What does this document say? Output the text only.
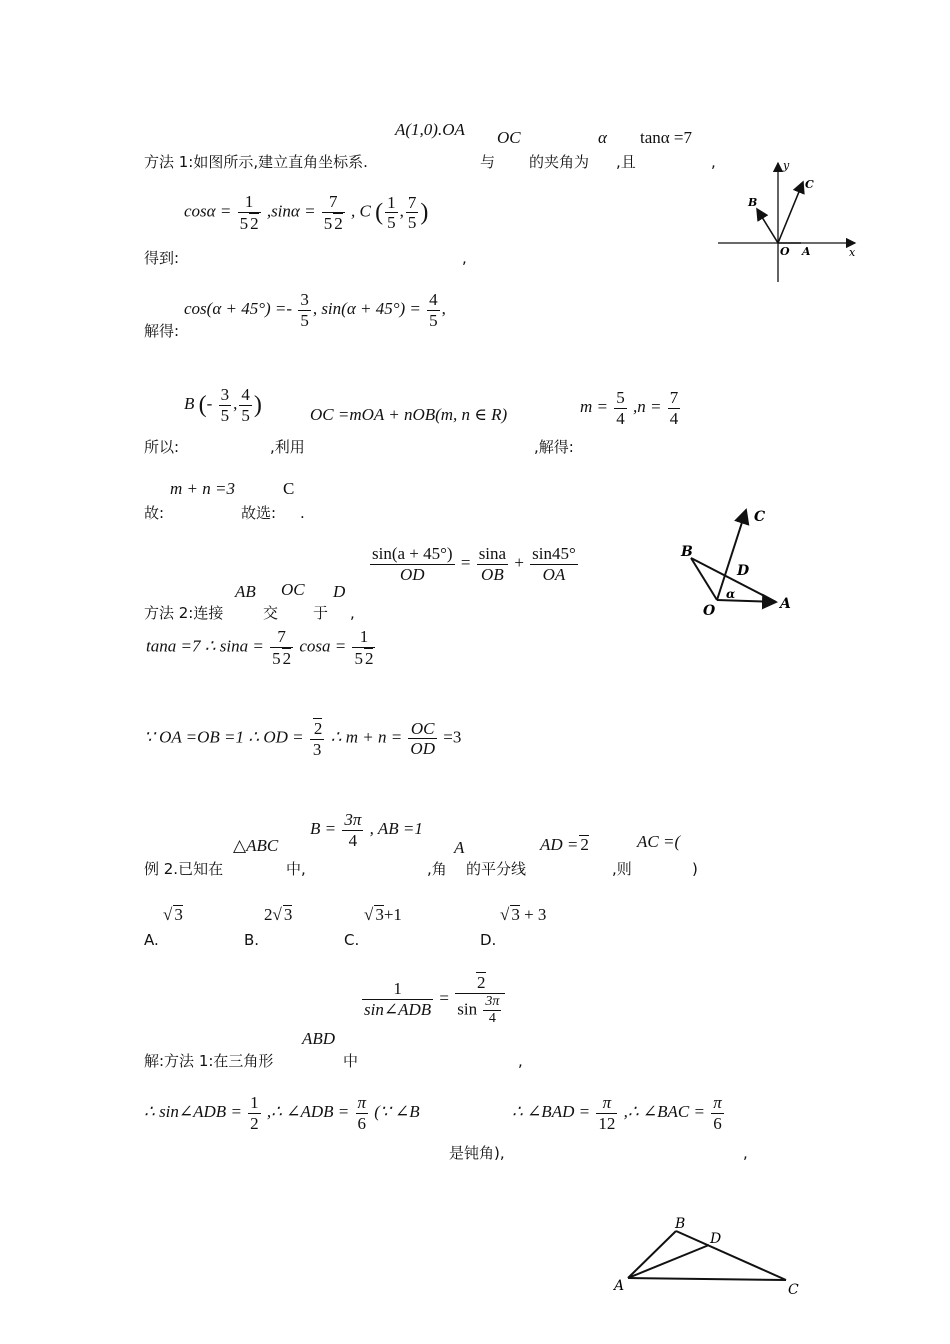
A(1,0).OA OC	α tanα =7
方法 1:如图所示,建立直角坐标系.	与 的夹角为 ,且	,
$\cos\alpha = \frac{1}{5 2} ,\sin\alpha = \frac{7}{5 2}$ , C ( $\frac{1}{5}$ , $\frac{7}{5}$ )
得到:	,
$\cos(\alpha + 45^\circ) =- \frac{3}{5}$ , $\sin(\alpha + 45^\circ) = \frac{4}{5}$ ,
解得:
B (- $\frac{3}{5}$ , $\frac{4}{5}$ )	OC =mOA + nOB(m, n ∈ R)	$m = \frac{5}{4} ,n = \frac{7}{4}$
所以:	,利用	,解得:
m + n =3	C
故:	故选: .
AB OC D
$\frac{\sin(a + 45^\circ)}{OD} = \frac{\sin a}{OB} + \frac{\sin 45^\circ}{OA}$
方法 2:连接	交 于 ,
tana =7 ∴ $\sin a = \frac{7}{5 2}$ $\cos a = \frac{1}{5 2}$
∵ OA =OB =1 ∴ OD = $\frac{2}{3}$ ∴ $m + n = \frac{OC}{OD} =3$
△ABC
$B = \frac{3\pi}{4}$ , AB =1
A	AD = 2	AC =(
例 2.已知在	中,	,角 的平分线	,则	)
√ 3	2√ 3	√ 3+1	√ 3 + 3
A.	B.	C.	D.
$\frac{1}{\text{sin∠ADB}} = \frac{2}{\sin \frac{3\pi}{4}}$
ABD
解:方法 1:在三角形	中	,
∴ sin∠ADB = $\frac{1}{2}$ ,∴ ∠ADB = $\frac{\pi}{6}$ (∵ ∠B	∴ ∠BAD = $\frac{\pi}{12}$ ,∴ ∠BAC = $\frac{\pi}{6}$
是钝角),	,
y
x
C
B
O A
C
B
D
O
α
A
B
D
A	C
